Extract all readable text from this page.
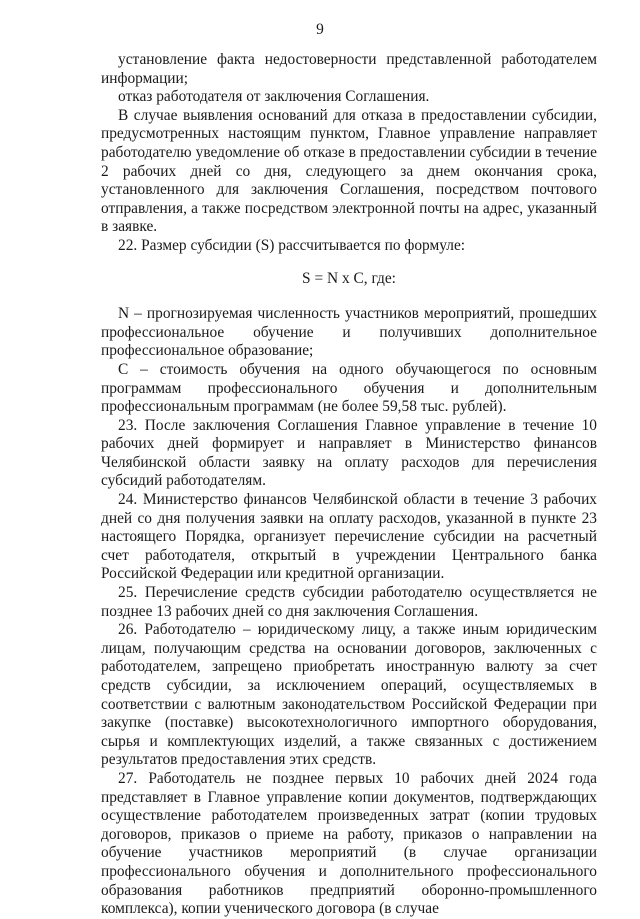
9

установление факта недостоверности представленной работодателем информации;

отказ работодателя от заключения Соглашения.

В случае выявления оснований для отказа в предоставлении субсидии, предусмотренных настоящим пунктом, Главное управление направляет работодателю уведомление об отказе в предоставлении субсидии в течение 2 рабочих дней со дня, следующего за днем окончания срока, установленного для заключения Соглашения, посредством почтового отправления, а также посредством электронной почты на адрес, указанный в заявке.

22. Размер субсидии (S) рассчитывается по формуле:

S = N x C, где:

N – прогнозируемая численность участников мероприятий, прошедших профессиональное обучение и получивших дополнительное профессиональное образование;

C – стоимость обучения на одного обучающегося по основным программам профессионального обучения и дополнительным профессиональным программам (не более 59,58 тыс. рублей).

23. После заключения Соглашения Главное управление в течение 10 рабочих дней формирует и направляет в Министерство финансов Челябинской области заявку на оплату расходов для перечисления субсидий работодателям.

24. Министерство финансов Челябинской области в течение 3 рабочих дней со дня получения заявки на оплату расходов, указанной в пункте 23 настоящего Порядка, организует перечисление субсидии на расчетный счет работодателя, открытый в учреждении Центрального банка Российской Федерации или кредитной организации.

25. Перечисление средств субсидии работодателю осуществляется не позднее 13 рабочих дней со дня заключения Соглашения.

26. Работодателю – юридическому лицу, а также иным юридическим лицам, получающим средства на основании договоров, заключенных с работодателем, запрещено приобретать иностранную валюту за счет средств субсидии, за исключением операций, осуществляемых в соответствии с валютным законодательством Российской Федерации при закупке (поставке) высокотехнологичного импортного оборудования, сырья и комплектующих изделий, а также связанных с достижением результатов предоставления этих средств.

27. Работодатель не позднее первых 10 рабочих дней 2024 года представляет в Главное управление копии документов, подтверждающих осуществление работодателем произведенных затрат (копии трудовых договоров, приказов о приеме на работу, приказов о направлении на обучение участников мероприятий (в случае организации профессионального обучения и дополнительного профессионального образования работников предприятий оборонно-промышленного комплекса), копии ученического договора (в случае
